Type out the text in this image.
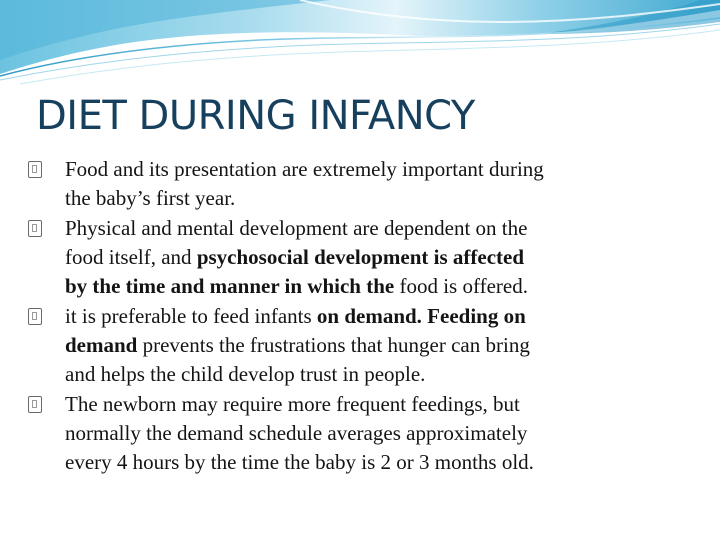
DIET DURING INFANCY
Food and its presentation are extremely important during
the baby’s first year.
Physical and mental development are dependent on the
food itself, and psychosocial development is affected
by the time and manner in which the food is offered.
it is preferable to feed infants on demand. Feeding on
demand prevents the frustrations that hunger can bring
and helps the child develop trust in people.
The newborn may require more frequent feedings, but
normally the demand schedule averages approximately
every 4 hours by the time the baby is 2 or 3 months old.
